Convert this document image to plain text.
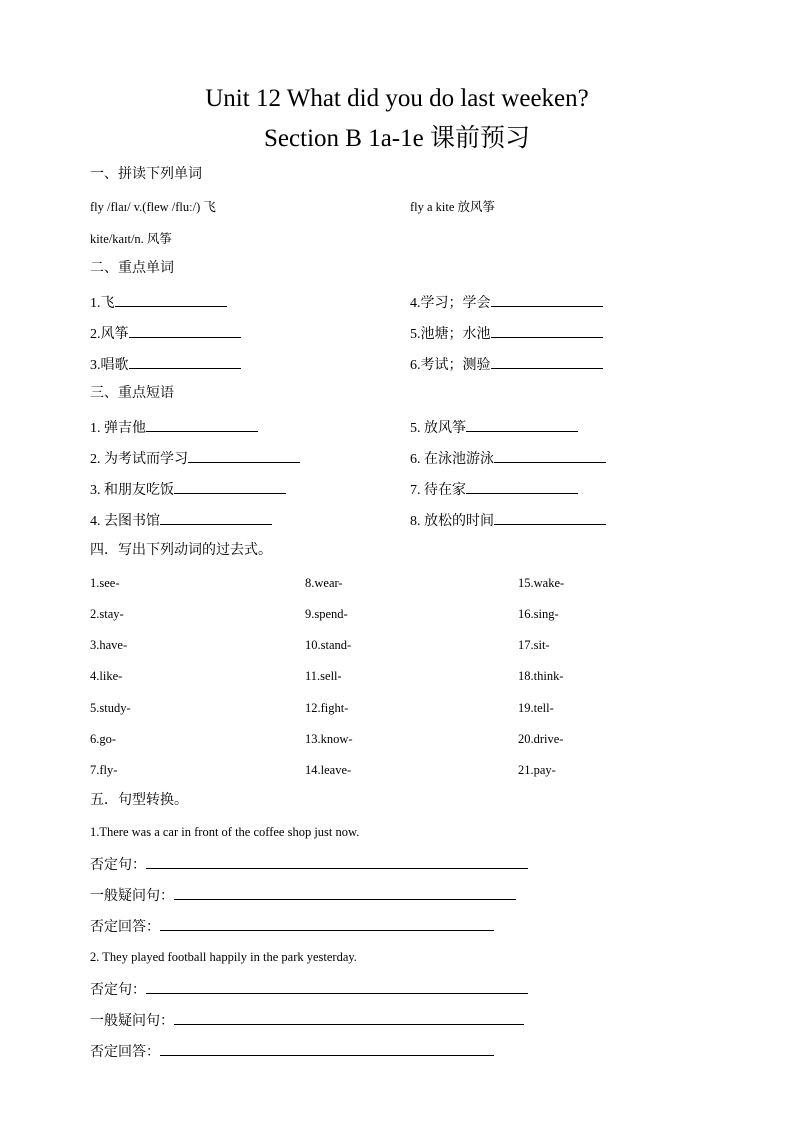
Unit 12 What did you do last weeken?
Section B 1a-1e 课前预习
一、拼读下列单词
fly /flaɪ/ v.(flew /fluː/) 飞	fly a kite 放风筝
kite/kaɪt/n. 风筝
二、重点单词
1.飞	4.学习；学会
2.风筝	5.池塘；水池
3.唱歌	6.考试；测验
三、重点短语
1. 弹吉他	5. 放风筝
2. 为考试而学习	6. 在泳池游泳
3. 和朋友吃饭	7. 待在家
4. 去图书馆	8. 放松的时间
四．写出下列动词的过去式。
1.see-	8.wear-	15.wake-
2.stay-	9.spend-	16.sing-
3.have-	10.stand-	17.sit-
4.like-	11.sell-	18.think-
5.study-	12.fight-	19.tell-
6.go-	13.know-	20.drive-
7.fly-	14.leave-	21.pay-
五．句型转换。
1.There was a car in front of the coffee shop just now.
否定句：
一般疑问句：
否定回答：
2. They played football happily in the park yesterday.
否定句：
一般疑问句：
否定回答：
